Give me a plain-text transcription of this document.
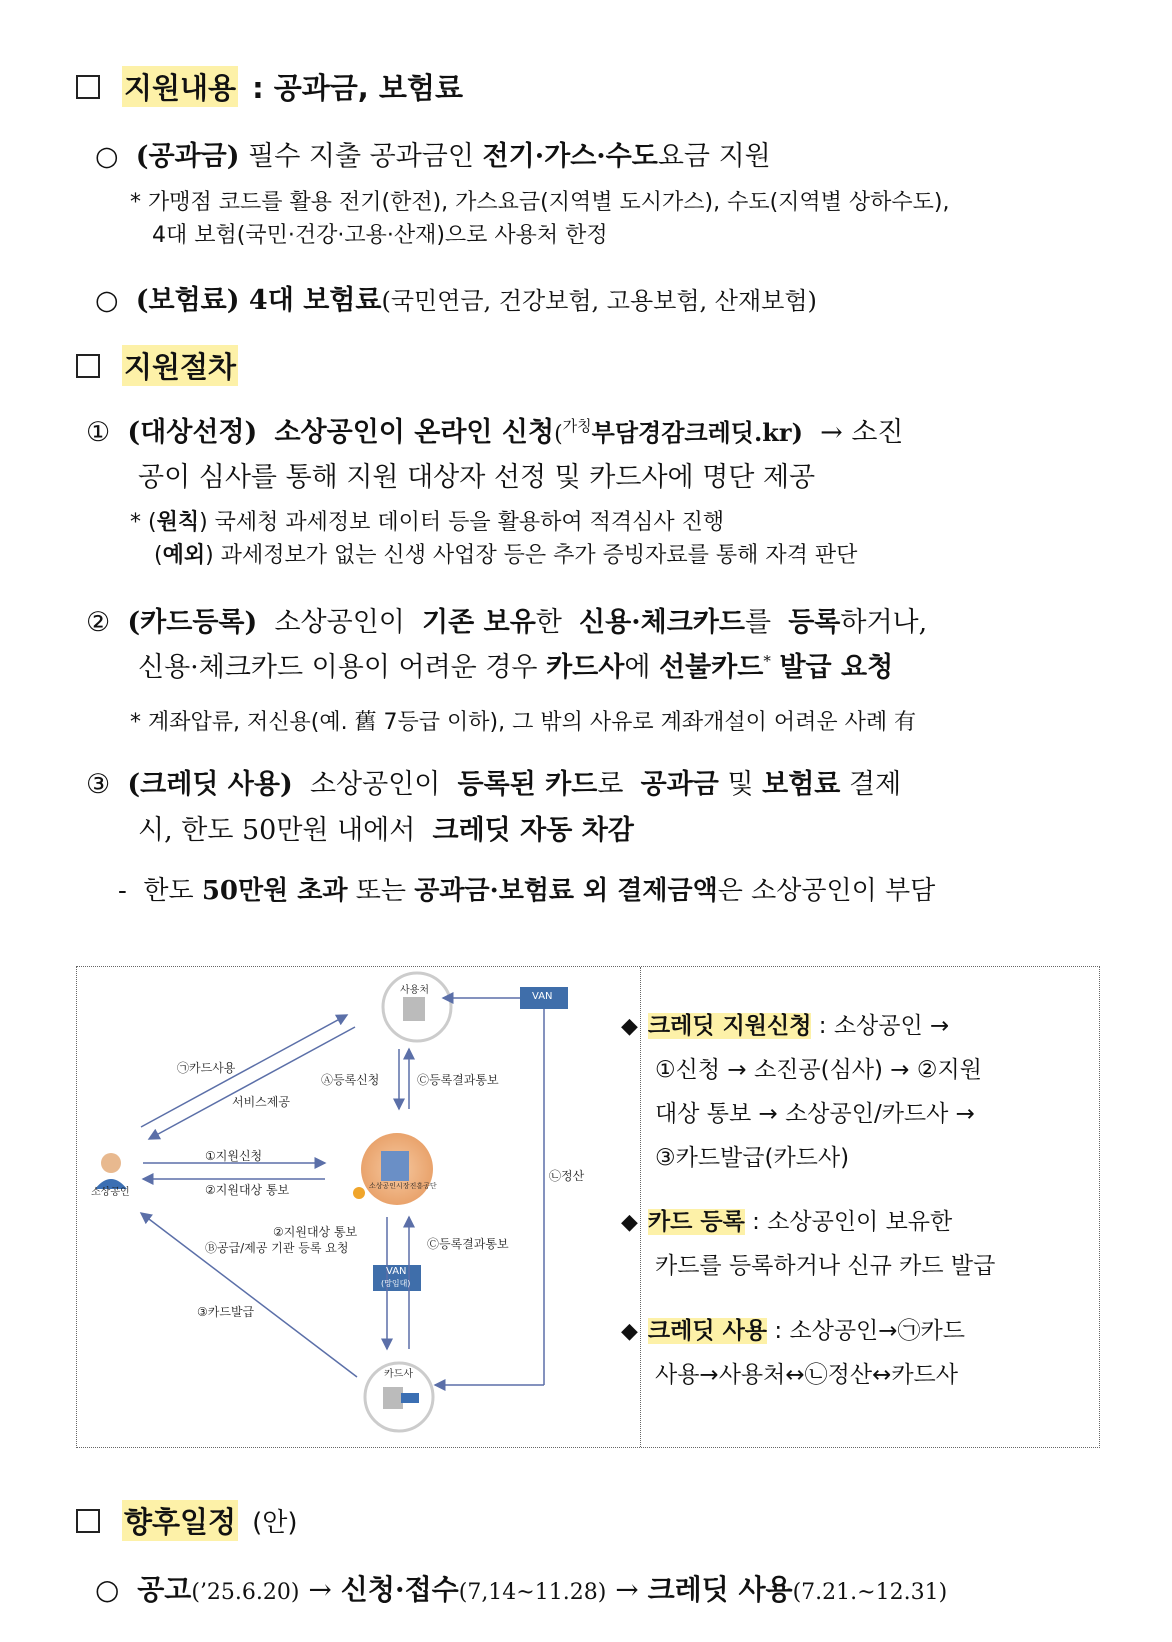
지원내용 : 공과금, 보험료
○ (공과금) 필수 지출 공과금인 전기·가스·수도요금 지원
* 가맹점 코드를 활용 전기(한전), 가스요금(지역별 도시가스), 수도(지역별 상하수도),
4대 보험(국민·건강·고용·산재)으로 사용처 한정
○ (보험료) 4대 보험료(국민연금, 건강보험, 고용보험, 산재보험)
지원절차
① (대상선정) 소상공인이 온라인 신청($^{가칭}$부담경감크레딧.kr) → 소진
공이 심사를 통해 지원 대상자 선정 및 카드사에 명단 제공
* (원칙) 국세청 과세정보 데이터 등을 활용하여 적격심사 진행
(예외) 과세정보가 없는 신생 사업장 등은 추가 증빙자료를 통해 자격 판단
② (카드등록) 소상공인이 기존 보유한 신용·체크카드를 등록하거나,
신용·체크카드 이용이 어려운 경우 카드사에 선불카드* 발급 요청
* 계좌압류, 저신용(예. 舊 7등급 이하), 그 밖의 사유로 계좌개설이 어려운 사례 有
③ (크레딧 사용) 소상공인이 등록된 카드로 공과금 및 보험료 결제
시, 한도 50만원 내에서 크레딧 자동 차감
- 한도 50만원 초과 또는 공과금·보험료 외 결제금액은 소상공인이 부담
사용처
소상공인
소상공인시장진흥공단
카드사
VAN
VAN
(망임대)
㉠카드사용
서비스제공
Ⓐ등록신청	Ⓒ등록결과통보
①지원신청
②지원대상 통보
㉡정산
②지원대상 통보
Ⓑ공급/제공 기관 등록 요청	Ⓒ등록결과통보
③카드발급
◆ 크레딧 지원신청 : 소상공인 →
①신청 → 소진공(심사) → ②지원
대상 통보 → 소상공인/카드사 →
③카드발급(카드사)
◆ 카드 등록 : 소상공인이 보유한
카드를 등록하거나 신규 카드 발급
◆ 크레딧 사용 : 소상공인→㉠카드
사용→사용처↔㉡정산↔카드사
향후일정 (안)
○ 공고(’25.6.20) → 신청·접수(7,14~11.28) → 크레딧 사용(7.21.~12.31)
